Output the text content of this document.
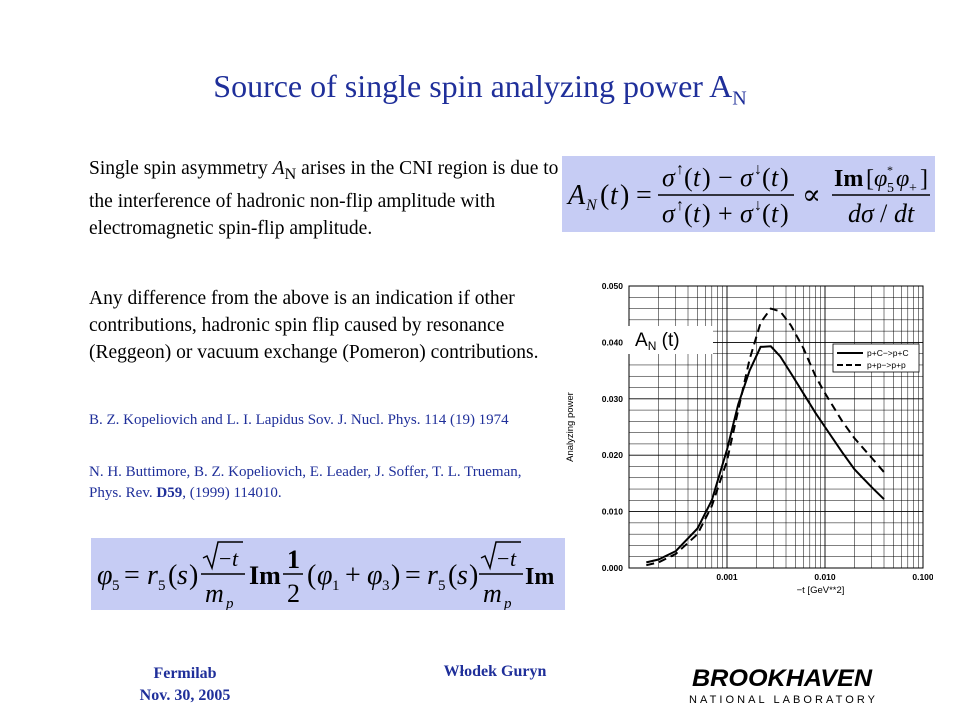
Source of single spin analyzing power $A_N$
Single spin asymmetry $A_N$ arises in the CNI region is due to the interference of hadronic non-flip amplitude with electromagnetic spin-flip amplitude.
Any difference from the above is an indication if other contributions, hadronic spin flip caused by resonance (Reggeon) or vacuum exchange (Pomeron) contributions.
B. Z. Kopeliovich and L. I. Lapidus Sov. J. Nucl. Phys. 114 (19) 1974
N. H. Buttimore, B. Z. Kopeliovich, E. Leader, J. Soffer, T. L. Trueman, Phys. Rev. D59, (1999) 114010.
A N ( t ) =
σ ↑ ( t ) − σ ↓ ( t )
σ ↑ ( t ) + σ ↓ ( t )
∝
Im [ φ 5
* φ + ]
dσ / dt
φ 5 = r 5 ( s )
− t
m p
Im
1
2
( φ 1 + φ 3 ) = r 5 ( s )
− t
m p
Im	0.000
0.010
0.020
0.030
0.040
0.050
0.001	0.010	0.100
−t [GeV**2]
Analyzing power
p+C−>p+C
p+p−>p+p
$A_N$ (t)
Fermilab
Nov. 30, 2005
Włodek Guryn	BROOKHAVEN
NATIONAL LABORATORY
